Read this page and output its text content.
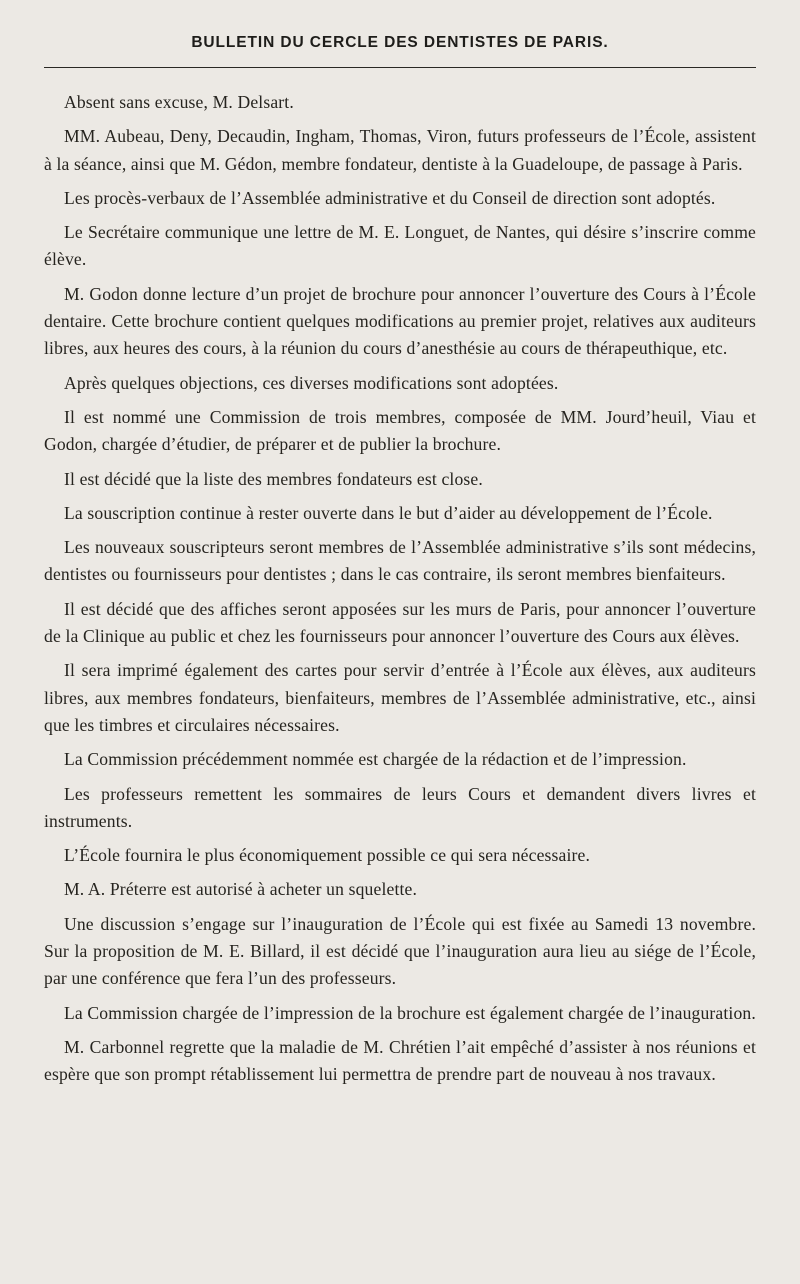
BULLETIN DU CERCLE DES DENTISTES DE PARIS.

Absent sans excuse, M. Delsart.

MM. Aubeau, Deny, Decaudin, Ingham, Thomas, Viron, futurs professeurs de l’École, assistent à la séance, ainsi que M. Gédon, membre fondateur, dentiste à la Guadeloupe, de passage à Paris.

Les procès-verbaux de l’Assemblée administrative et du Conseil de direction sont adoptés.

Le Secrétaire communique une lettre de M. E. Longuet, de Nantes, qui désire s’inscrire comme élève.

M. Godon donne lecture d’un projet de brochure pour annoncer l’ouverture des Cours à l’École dentaire. Cette brochure contient quelques modifications au premier projet, relatives aux auditeurs libres, aux heures des cours, à la réunion du cours d’anesthésie au cours de thérapeuthique, etc.

Après quelques objections, ces diverses modifications sont adoptées.

Il est nommé une Commission de trois membres, composée de MM. Jourd’heuil, Viau et Godon, chargée d’étudier, de préparer et de publier la brochure.

Il est décidé que la liste des membres fondateurs est close.

La souscription continue à rester ouverte dans le but d’aider au développement de l’École.

Les nouveaux souscripteurs seront membres de l’Assemblée administrative s’ils sont médecins, dentistes ou fournisseurs pour dentistes ; dans le cas contraire, ils seront membres bienfaiteurs.

Il est décidé que des affiches seront apposées sur les murs de Paris, pour annoncer l’ouverture de la Clinique au public et chez les fournisseurs pour annoncer l’ouverture des Cours aux élèves.

Il sera imprimé également des cartes pour servir d’entrée à l’École aux élèves, aux auditeurs libres, aux membres fondateurs, bienfaiteurs, membres de l’Assemblée administrative, etc., ainsi que les timbres et circulaires nécessaires.

La Commission précédemment nommée est chargée de la rédaction et de l’impression.

Les professeurs remettent les sommaires de leurs Cours et demandent divers livres et instruments.

L’École fournira le plus économiquement possible ce qui sera nécessaire.

M. A. Préterre est autorisé à acheter un squelette.

Une discussion s’engage sur l’inauguration de l’École qui est fixée au Samedi 13 novembre. Sur la proposition de M. E. Billard, il est décidé que l’inauguration aura lieu au siége de l’École, par une conférence que fera l’un des professeurs.

La Commission chargée de l’impression de la brochure est également chargée de l’inauguration.

M. Carbonnel regrette que la maladie de M. Chrétien l’ait empêché d’assister à nos réunions et espère que son prompt rétablissement lui permettra de prendre part de nouveau à nos travaux.
